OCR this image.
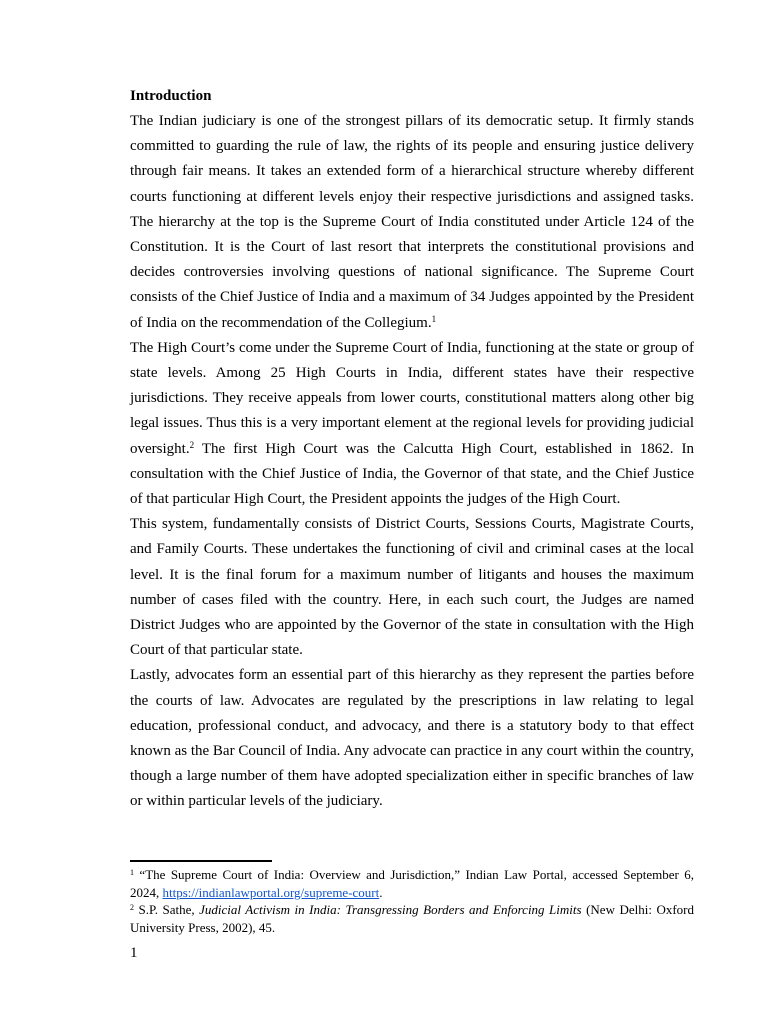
Introduction

The Indian judiciary is one of the strongest pillars of its democratic setup. It firmly stands committed to guarding the rule of law, the rights of its people and ensuring justice delivery through fair means. It takes an extended form of a hierarchical structure whereby different courts functioning at different levels enjoy their respective jurisdictions and assigned tasks. The hierarchy at the top is the Supreme Court of India constituted under Article 124 of the Constitution. It is the Court of last resort that interprets the constitutional provisions and decides controversies involving questions of national significance. The Supreme Court consists of the Chief Justice of India and a maximum of 34 Judges appointed by the President of India on the recommendation of the Collegium.$^1$

The High Court’s come under the Supreme Court of India, functioning at the state or group of state levels. Among 25 High Courts in India, different states have their respective jurisdictions. They receive appeals from lower courts, constitutional matters along other big legal issues. Thus this is a very important element at the regional levels for providing judicial oversight.$^2$ The first High Court was the Calcutta High Court, established in 1862. In consultation with the Chief Justice of India, the Governor of that state, and the Chief Justice of that particular High Court, the President appoints the judges of the High Court.

This system, fundamentally consists of District Courts, Sessions Courts, Magistrate Courts, and Family Courts. These undertakes the functioning of civil and criminal cases at the local level. It is the final forum for a maximum number of litigants and houses the maximum number of cases filed with the country. Here, in each such court, the Judges are named District Judges who are appointed by the Governor of the state in consultation with the High Court of that particular state.

Lastly, advocates form an essential part of this hierarchy as they represent the parties before the courts of law. Advocates are regulated by the prescriptions in law relating to legal education, professional conduct, and advocacy, and there is a statutory body to that effect known as the Bar Council of India. Any advocate can practice in any court within the country, though a large number of them have adopted specialization either in specific branches of law or within particular levels of the judiciary.

$^1$ “The Supreme Court of India: Overview and Jurisdiction,” Indian Law Portal, accessed September 6, 2024, https://indianlawportal.org/supreme-court.

$^2$ S.P. Sathe, Judicial Activism in India: Transgressing Borders and Enforcing Limits (New Delhi: Oxford University Press, 2002), 45.

1
